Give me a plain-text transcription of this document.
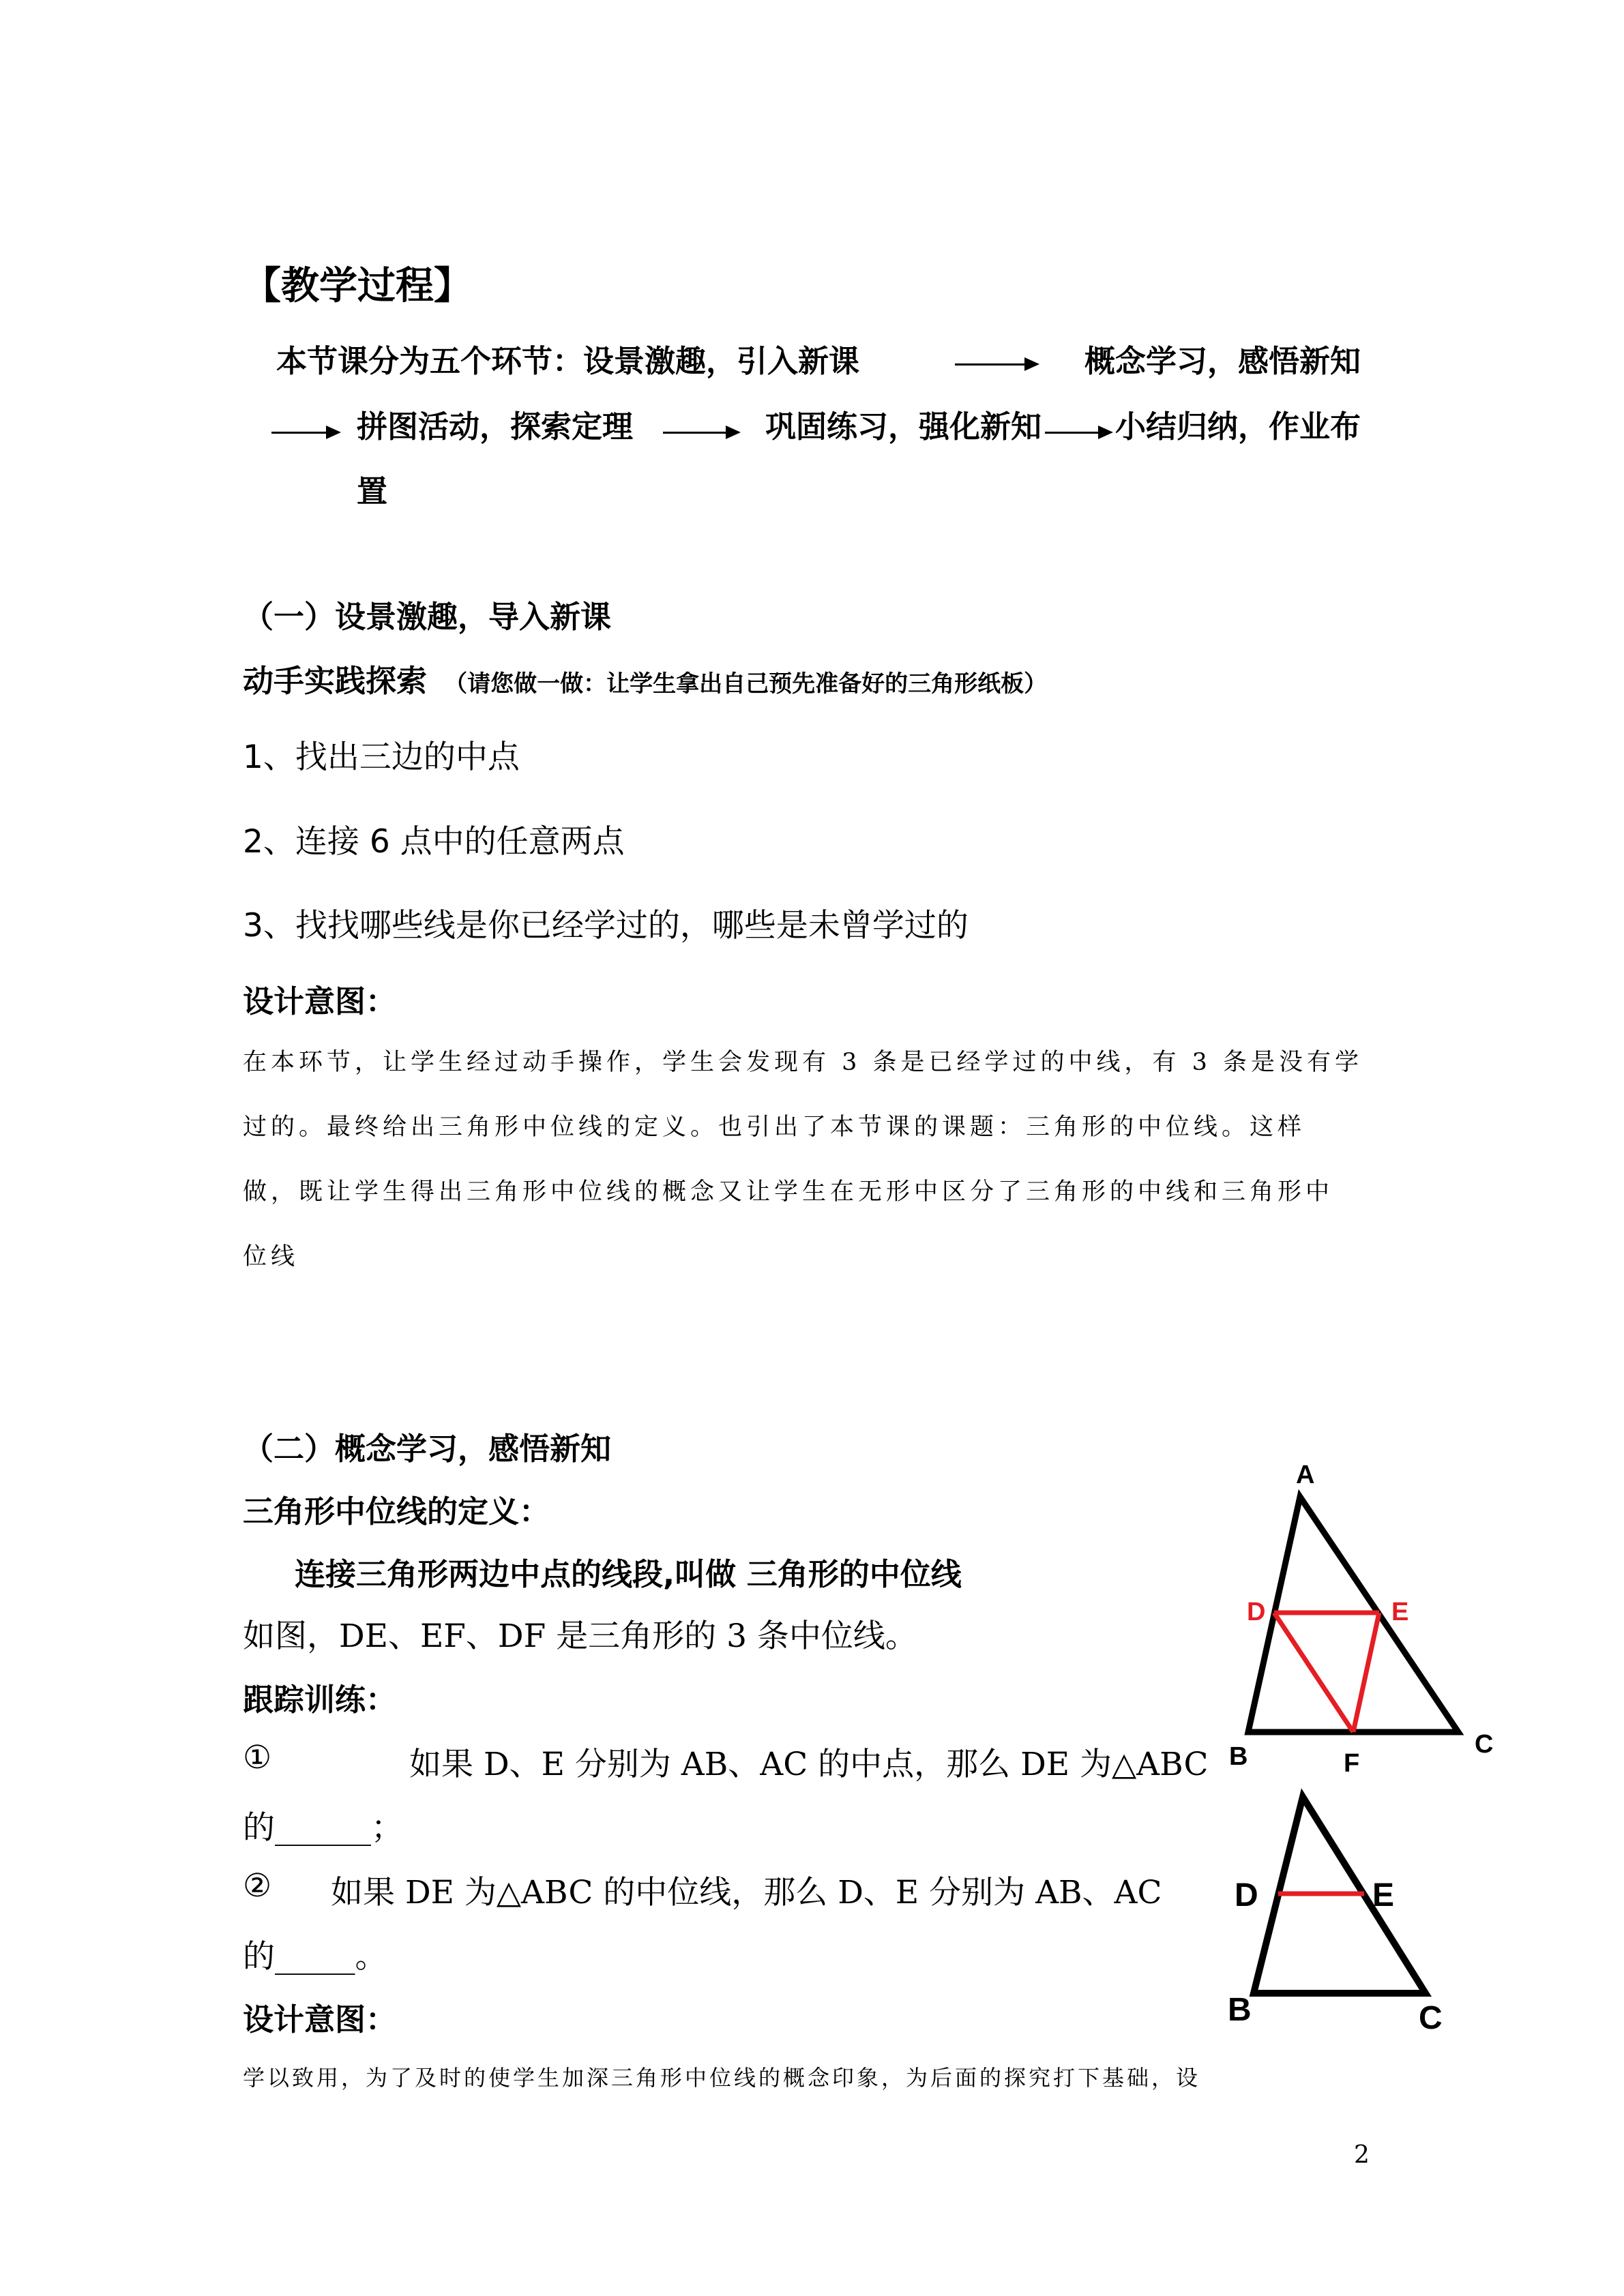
【教学过程】
本节课分为五个环节：设景激趣，引入新课	概念学习，感悟新知
拼图活动，探索定理	巩固练习，强化新知 小结归纳，作业布
置
（一）设景激趣，导入新课
动手实践探索 （请您做一做：让学生拿出自己预先准备好的三角形纸板）
1、找出三边的中点
2、连接 6 点中的任意两点
3、找找哪些线是你已经学过的，哪些是未曾学过的
设计意图：
在本环节，让学生经过动手操作，学生会发现有 3 条是已经学过的中线，有 3 条是没有学
过的。最终给出三角形中位线的定义。也引出了本节课的课题：三角形的中位线。这样
做，既让学生得出三角形中位线的概念又让学生在无形中区分了三角形的中线和三角形中
位线
（二）概念学习，感悟新知
三角形中位线的定义：
连接三角形两边中点的线段,叫做 三角形的中位线
如图，DE、EF、DF 是三角形的 3 条中位线。
跟踪训练：
①	如果 D、E 分别为 AB、AC 的中点，那么 DE 为△ABC
的______；
② 如果 DE 为△ABC 的中位线，那么 D、E 分别为 AB、AC
的_____。
设计意图：
学以致用，为了及时的使学生加深三角形中位线的概念印象，为后面的探究打下基础，设
A
D	E
B	F
C
D	E
B	C
2
